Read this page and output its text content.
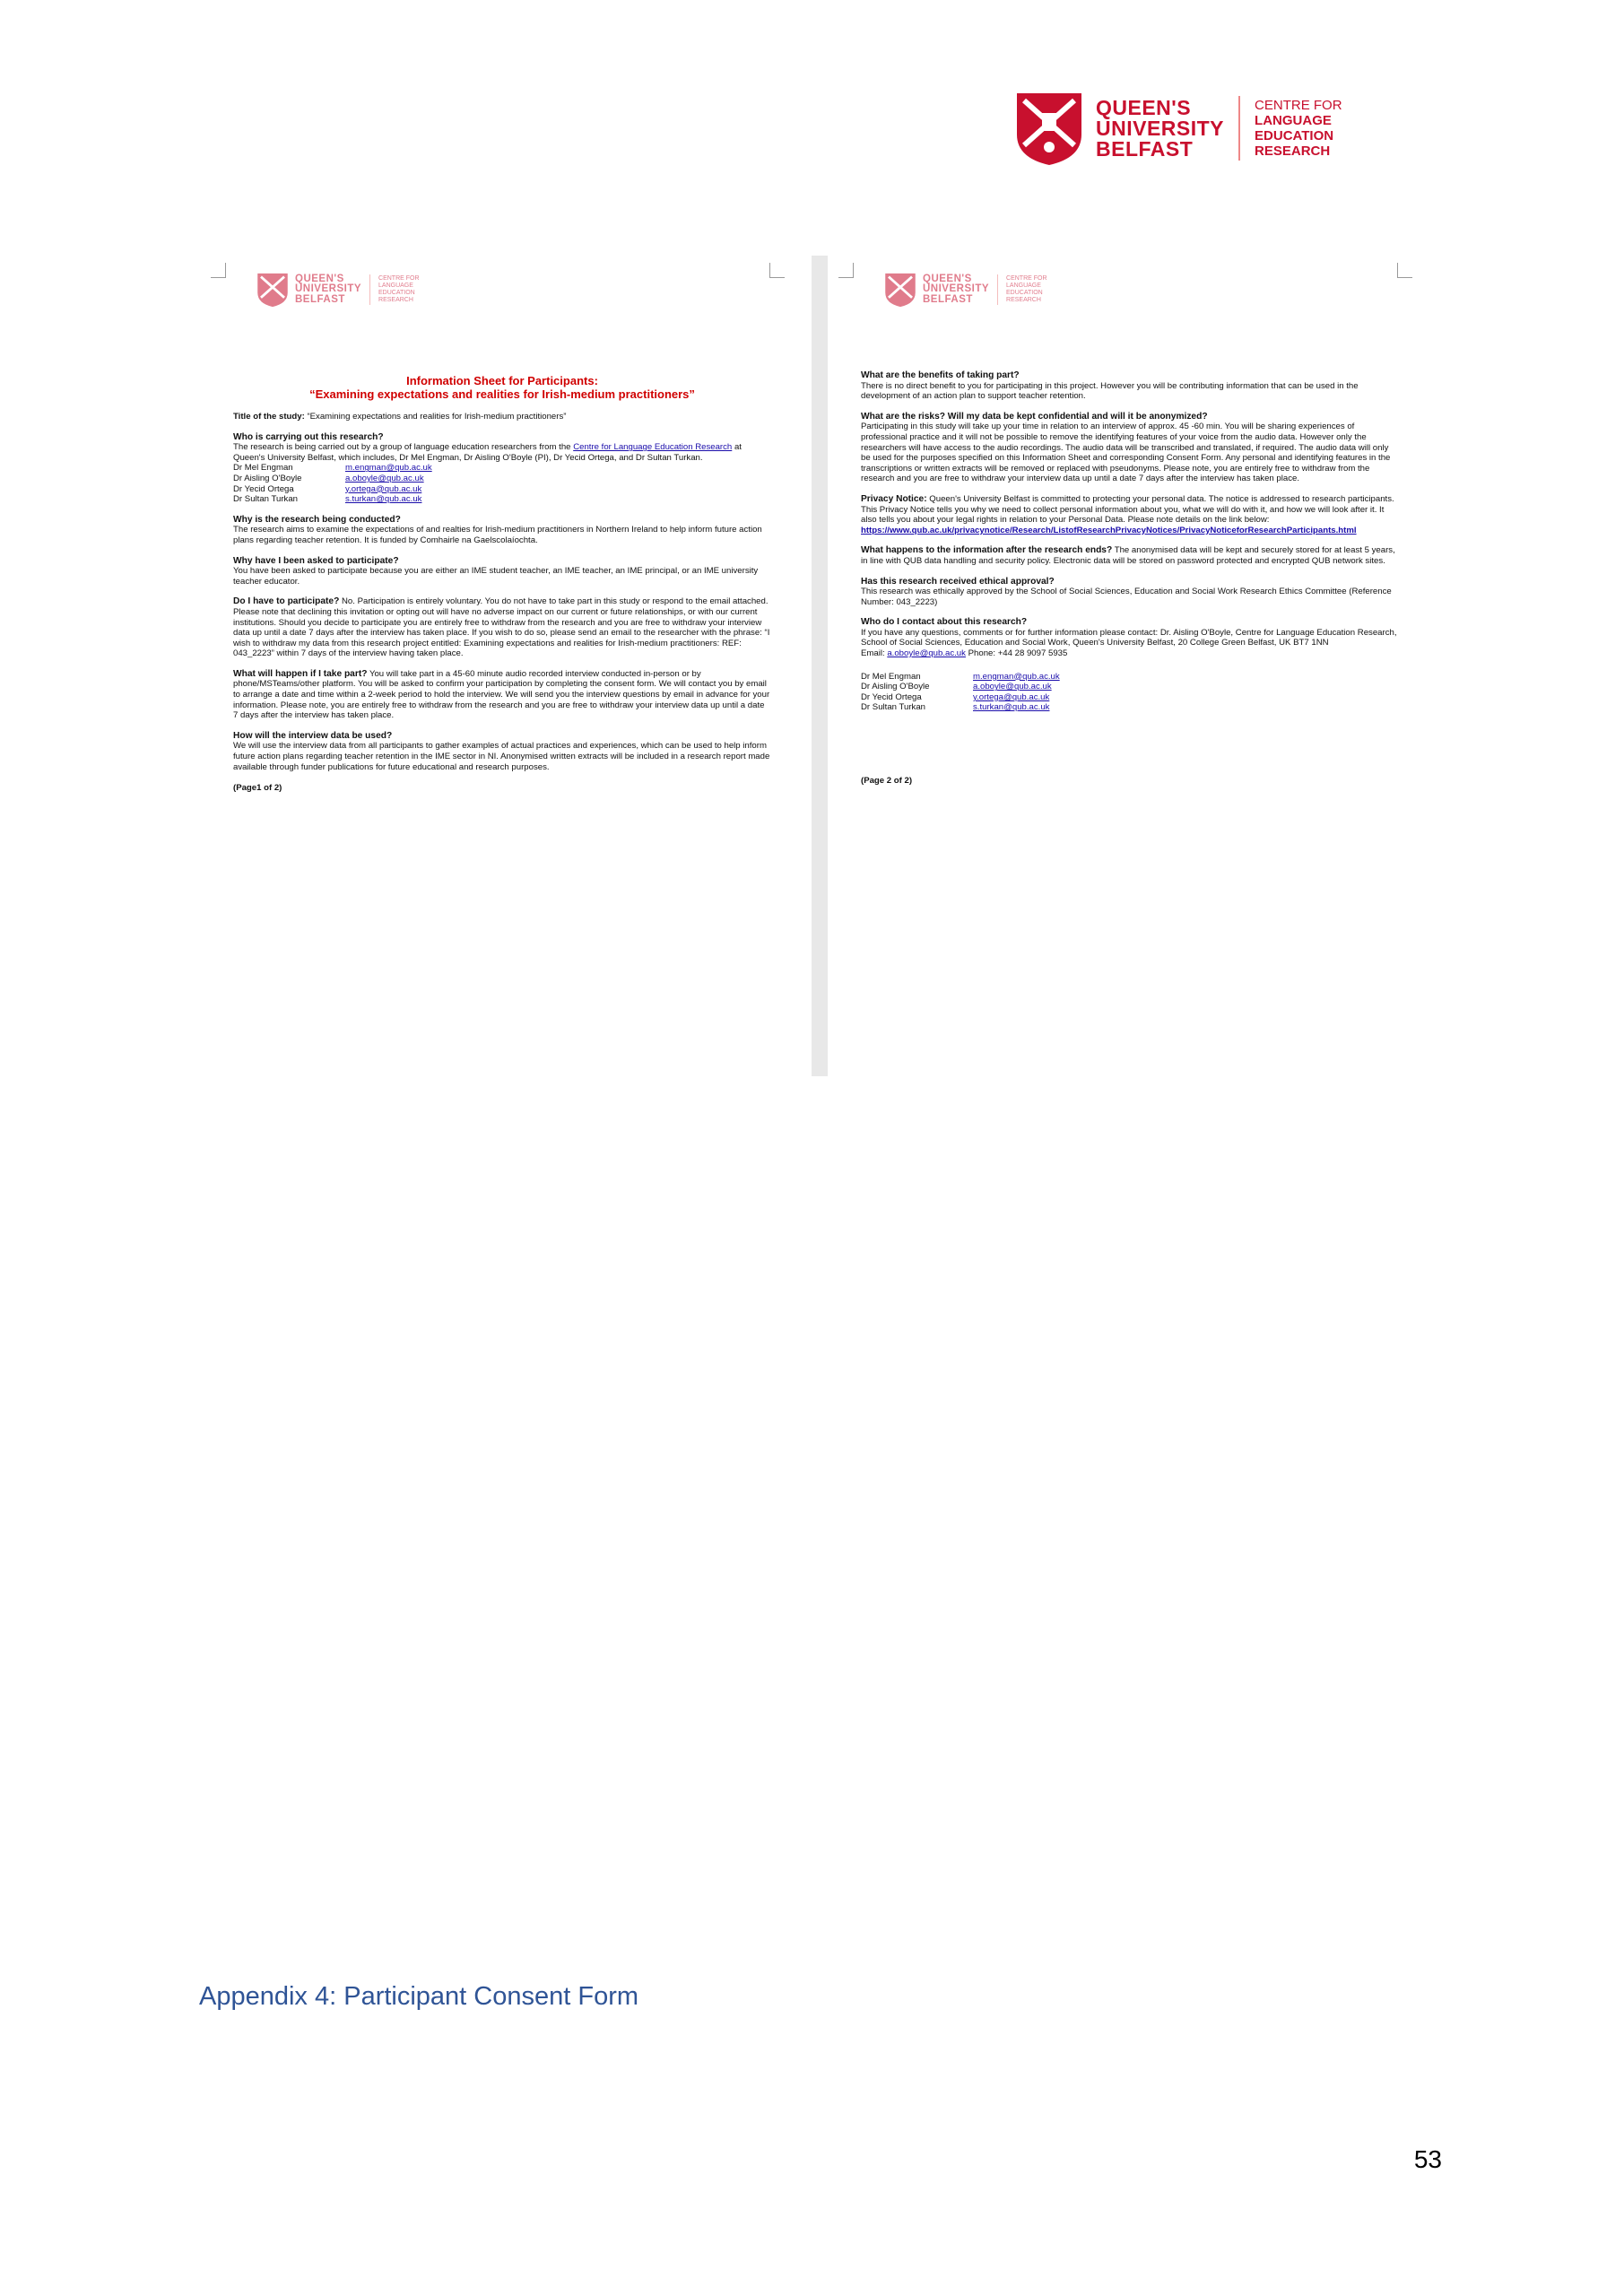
QUEEN'S
UNIVERSITY
BELFAST
CENTRE FOR
LANGUAGE
EDUCATION
RESEARCH
QUEEN'S
UNIVERSITY
BELFAST
CENTRE FOR
LANGUAGE
EDUCATION
RESEARCH
Information Sheet for Participants:
“Examining expectations and realities for Irish-medium practitioners”

Title of the study: “Examining expectations and realities for Irish-medium practitioners”

Who is carrying out this research?

The research is being carried out by a group of language education researchers from the Centre for Language Education Research at Queen's University Belfast, which includes, Dr Mel Engman, Dr Aisling O'Boyle (PI), Dr Yecid Ortega, and Dr Sultan Turkan.

Dr Mel Engman	m.engman@qub.ac.uk
Dr Aisling O'Boyle	a.oboyle@qub.ac.uk
Dr Yecid Ortega	y.ortega@qub.ac.uk
Dr Sultan Turkan	s.turkan@qub.ac.uk
Why is the research being conducted?

The research aims to examine the expectations of and realties for Irish-medium practitioners in Northern Ireland to help inform future action plans regarding teacher retention. It is funded by Comhairle na Gaelscolaíochta.

Why have I been asked to participate?

You have been asked to participate because you are either an IME student teacher, an IME teacher, an IME principal, or an IME university teacher educator.

Do I have to participate? No. Participation is entirely voluntary. You do not have to take part in this study or respond to the email attached. Please note that declining this invitation or opting out will have no adverse impact on our current or future relationships, or with our current institutions. Should you decide to participate you are entirely free to withdraw from the research and you are free to withdraw your interview data up until a date 7 days after the interview has taken place. If you wish to do so, please send an email to the researcher with the phrase: “I wish to withdraw my data from this research project entitled: Examining expectations and realities for Irish-medium practitioners: REF: 043_2223” within 7 days of the interview having taken place.

What will happen if I take part? You will take part in a 45-60 minute audio recorded interview conducted in-person or by phone/MSTeams/other platform. You will be asked to confirm your participation by completing the consent form. We will contact you by email to arrange a date and time within a 2-week period to hold the interview. We will send you the interview questions by email in advance for your information. Please note, you are entirely free to withdraw from the research and you are free to withdraw your interview data up until a date 7 days after the interview has taken place.

How will the interview data be used?

We will use the interview data from all participants to gather examples of actual practices and experiences, which can be used to help inform future action plans regarding teacher retention in the IME sector in NI. Anonymised written extracts will be included in a research report made available through funder publications for future educational and research purposes.

(Page1 of 2)
QUEEN'S
UNIVERSITY
BELFAST
CENTRE FOR
LANGUAGE
EDUCATION
RESEARCH
What are the benefits of taking part?

There is no direct benefit to you for participating in this project. However you will be contributing information that can be used in the development of an action plan to support teacher retention.

What are the risks? Will my data be kept confidential and will it be anonymized?

Participating in this study will take up your time in relation to an interview of approx. 45 -60 min. You will be sharing experiences of professional practice and it will not be possible to remove the identifying features of your voice from the audio data. However only the researchers will have access to the audio recordings. The audio data will be transcribed and translated, if required. The audio data will only be used for the purposes specified on this Information Sheet and corresponding Consent Form. Any personal and identifying features in the transcriptions or written extracts will be removed or replaced with pseudonyms. Please note, you are entirely free to withdraw from the research and you are free to withdraw your interview data up until a date 7 days after the interview has taken place.

Privacy Notice: Queen's University Belfast is committed to protecting your personal data. The notice is addressed to research participants. This Privacy Notice tells you why we need to collect personal information about you, what we will do with it, and how we will look after it. It also tells you about your legal rights in relation to your Personal Data. Please note details on the link below:

https://www.qub.ac.uk/privacynotice/Research/ListofResearchPrivacyNotices/PrivacyNoticeforResearchParticipants.html

What happens to the information after the research ends? The anonymised data will be kept and securely stored for at least 5 years, in line with QUB data handling and security policy. Electronic data will be stored on password protected and encrypted QUB network sites.

Has this research received ethical approval?

This research was ethically approved by the School of Social Sciences, Education and Social Work Research Ethics Committee (Reference Number: 043_2223)

Who do I contact about this research?

If you have any questions, comments or for further information please contact: Dr. Aisling O'Boyle, Centre for Language Education Research, School of Social Sciences, Education and Social Work, Queen's University Belfast, 20 College Green Belfast, UK BT7 1NN

Email: a.oboyle@qub.ac.uk Phone: +44 28 9097 5935

Dr Mel Engman	m.engman@qub.ac.uk
Dr Aisling O'Boyle	a.oboyle@qub.ac.uk
Dr Yecid Ortega	y.ortega@qub.ac.uk
Dr Sultan Turkan	s.turkan@qub.ac.uk
(Page 2 of 2)
Appendix 4: Participant Consent Form
53
